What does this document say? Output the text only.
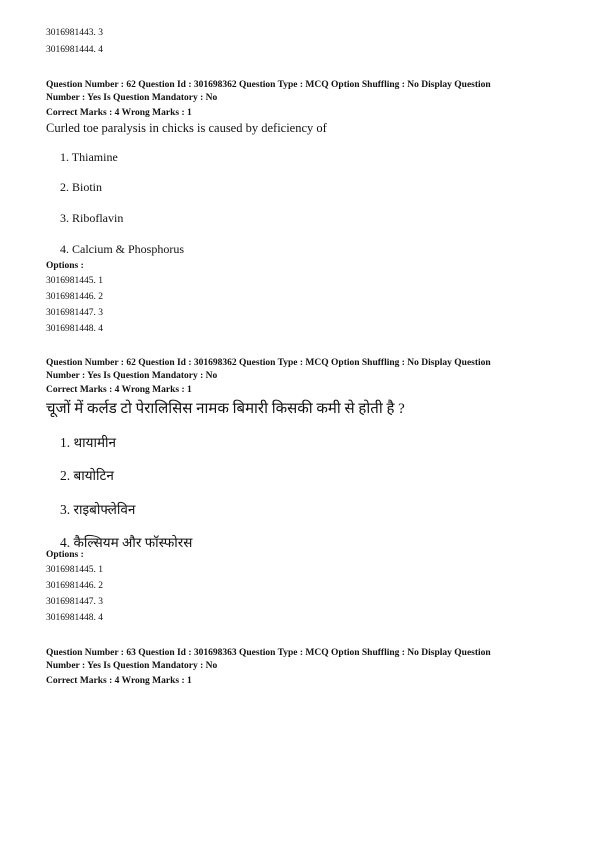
3016981443. 3
3016981444. 4
Question Number : 62 Question Id : 301698362 Question Type : MCQ Option Shuffling : No Display Question
Number : Yes Is Question Mandatory : No
Correct Marks : 4 Wrong Marks : 1
Curled toe paralysis in chicks is caused by deficiency of
1. Thiamine
2. Biotin
3. Riboflavin
4. Calcium & Phosphorus
Options :
3016981445. 1
3016981446. 2
3016981447. 3
3016981448. 4
Question Number : 62 Question Id : 301698362 Question Type : MCQ Option Shuffling : No Display Question
Number : Yes Is Question Mandatory : No
Correct Marks : 4 Wrong Marks : 1
चूजों में कर्लड टो पेरालिसिस नामक बिमारी किसकी कमी से होती है ?
1. थायामीन
2. बायोटिन
3. राइबोफ्लेविन
4. कैल्सियम और फॉस्फोरस
Options :
3016981445. 1
3016981446. 2
3016981447. 3
3016981448. 4
Question Number : 63 Question Id : 301698363 Question Type : MCQ Option Shuffling : No Display Question
Number : Yes Is Question Mandatory : No
Correct Marks : 4 Wrong Marks : 1
